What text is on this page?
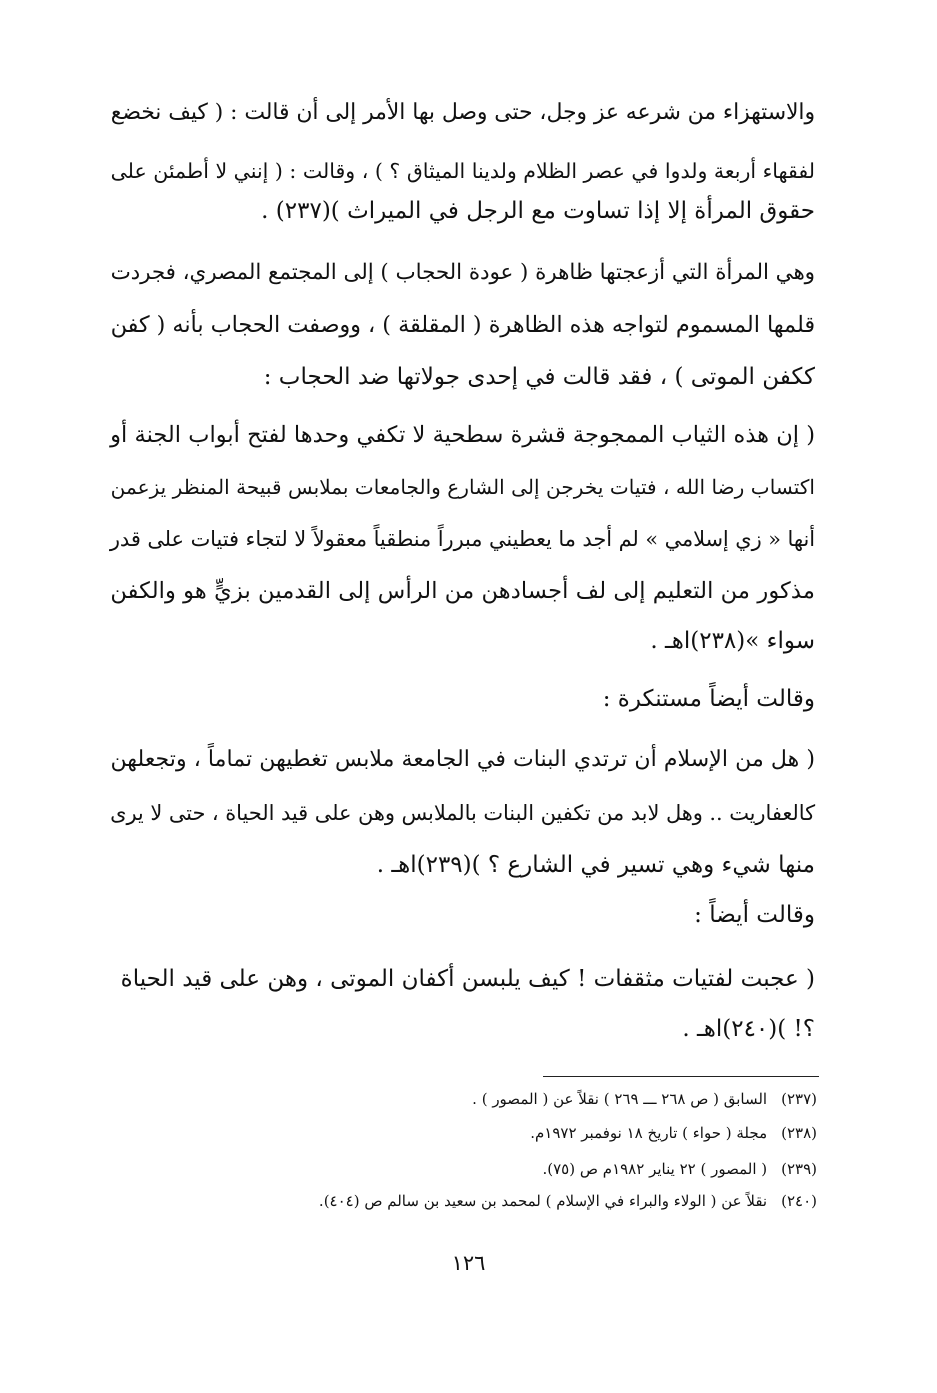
والاستهزاء من شرعه عز وجل، حتى وصل بها الأمر إلى أن قالت : ( كيف نخضع
لفقهاء أربعة ولدوا في عصر الظلام ولدينا الميثاق ؟ ) ، وقالت : ( إنني لا أطمئن على
حقوق المرأة إلا إذا تساوت مع الرجل في الميراث )(٢٣٧) .
وهي المرأة التي أزعجتها ظاهرة ( عودة الحجاب ) إلى المجتمع المصري، فجردت
قلمها المسموم لتواجه هذه الظاهرة ( المقلقة ) ، ووصفت الحجاب بأنه ( كفن
ككفن الموتى ) ، فقد قالت في إحدى جولاتها ضد الحجاب :
( إن هذه الثياب الممجوجة قشرة سطحية لا تكفي وحدها لفتح أبواب الجنة أو
اكتساب رضا الله ، فتيات يخرجن إلى الشارع والجامعات بملابس قبيحة المنظر يزعمن
أنها « زي إسلامي » لم أجد ما يعطيني مبرراً منطقياً معقولاً لا لتجاء فتيات على قدر
مذكور من التعليم إلى لف أجسادهن من الرأس إلى القدمين بزيٍّ هو والكفن
سواء »(٢٣٨)اهـ .
وقالت أيضاً مستنكرة :
( هل من الإسلام أن ترتدي البنات في الجامعة ملابس تغطيهن تماماً ، وتجعلهن
كالعفاريت .. وهل لابد من تكفين البنات بالملابس وهن على قيد الحياة ، حتى لا يرى
منها شيء وهي تسير في الشارع ؟ )(٢٣٩)اهـ .
وقالت أيضاً :
( عجبت لفتيات مثقفات ! كيف يلبسن أكفان الموتى ، وهن على قيد الحياة
؟! )(٢٤٠)اهـ .
(٢٣٧)السابق ( ص ٢٦٨ ـــ ٢٦٩ ) نقلاً عن ( المصور ) .
(٢٣٨)مجلة ( حواء ) تاريخ ١٨ نوفمبر ١٩٧٢م.
(٢٣٩)( المصور ) ٢٢ يناير ١٩٨٢م ص (٧٥).
(٢٤٠)نقلاً عن ( الولاء والبراء في الإسلام ) لمحمد بن سعيد بن سالم ص (٤٠٤).
١٢٦
